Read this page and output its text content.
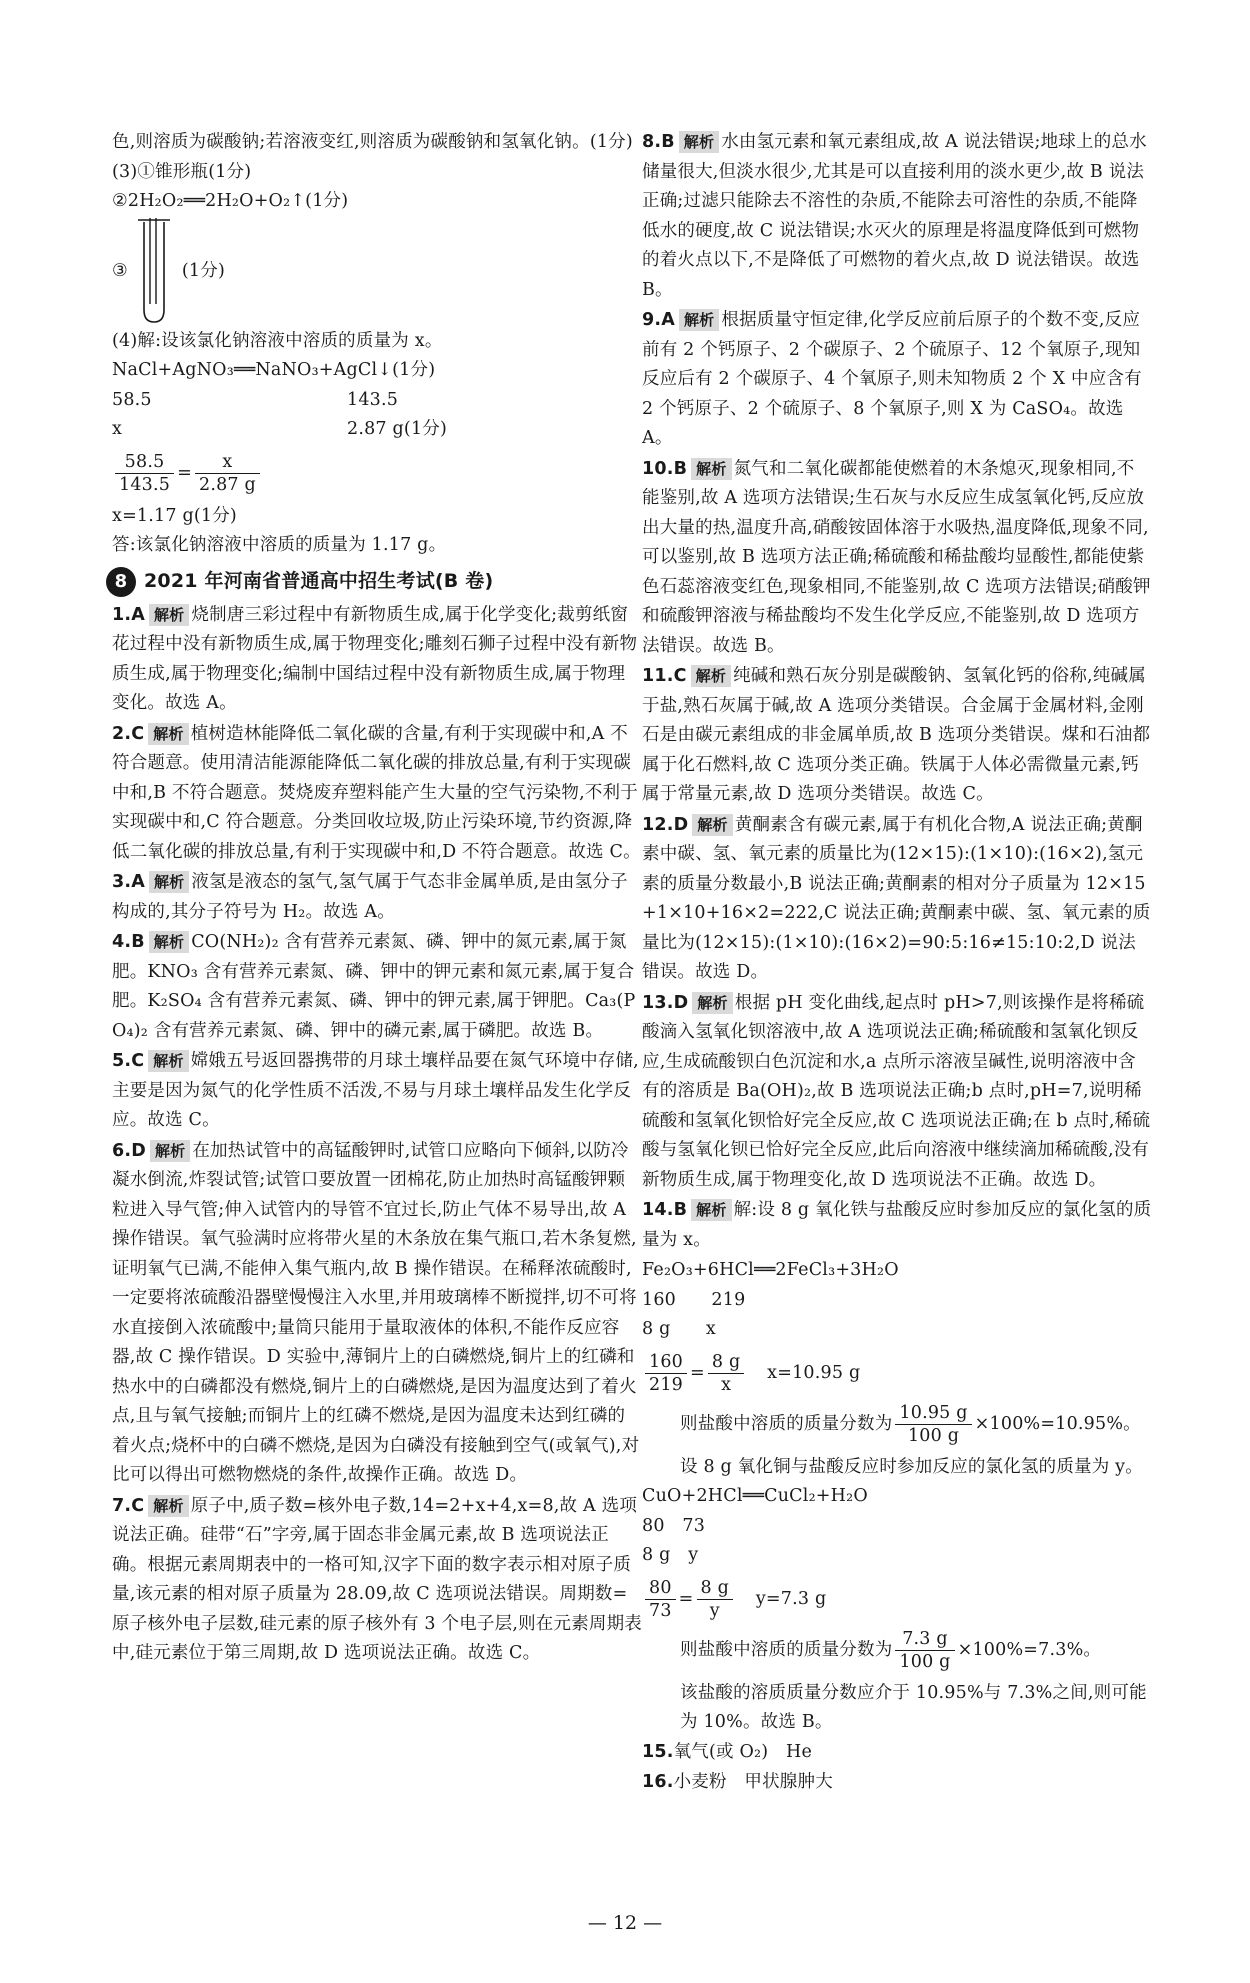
色,则溶质为碳酸钠;若溶液变红,则溶质为碳酸钠和氢氧化钠。(1分)

(3)①锥形瓶(1分)

②2H₂O₂══2H₂O+O₂↑(1分)

③	(1分)

(4)解:设该氯化钠溶液中溶质的质量为 x。

NaCl+AgNO₃══NaNO₃+AgCl↓(1分)

58.5	143.5
x	2.87 g(1分)
$\frac{58.5}{143.5} = \frac{x}{2.87 g}$

x=1.17 g(1分)

答:该氯化钠溶液中溶质的质量为 1.17 g。

8 2021 年河南省普通高中招生考试(B 卷)

1.A 解析 烧制唐三彩过程中有新物质生成,属于化学变化;裁剪纸窗花过程中没有新物质生成,属于物理变化;雕刻石狮子过程中没有新物质生成,属于物理变化;编制中国结过程中没有新物质生成,属于物理变化。故选 A。

2.C 解析 植树造林能降低二氧化碳的含量,有利于实现碳中和,A 不符合题意。使用清洁能源能降低二氧化碳的排放总量,有利于实现碳中和,B 不符合题意。焚烧废弃塑料能产生大量的空气污染物,不利于实现碳中和,C 符合题意。分类回收垃圾,防止污染环境,节约资源,降低二氧化碳的排放总量,有利于实现碳中和,D 不符合题意。故选 C。

3.A 解析 液氢是液态的氢气,氢气属于气态非金属单质,是由氢分子构成的,其分子符号为 H₂。故选 A。

4.B 解析 CO(NH₂)₂ 含有营养元素氮、磷、钾中的氮元素,属于氮肥。KNO₃ 含有营养元素氮、磷、钾中的钾元素和氮元素,属于复合肥。K₂SO₄ 含有营养元素氮、磷、钾中的钾元素,属于钾肥。Ca₃(PO₄)₂ 含有营养元素氮、磷、钾中的磷元素,属于磷肥。故选 B。

5.C 解析 嫦娥五号返回器携带的月球土壤样品要在氮气环境中存储,主要是因为氮气的化学性质不活泼,不易与月球土壤样品发生化学反应。故选 C。

6.D 解析 在加热试管中的高锰酸钾时,试管口应略向下倾斜,以防冷凝水倒流,炸裂试管;试管口要放置一团棉花,防止加热时高锰酸钾颗粒进入导气管;伸入试管内的导管不宜过长,防止气体不易导出,故 A 操作错误。氧气验满时应将带火星的木条放在集气瓶口,若木条复燃,证明氧气已满,不能伸入集气瓶内,故 B 操作错误。在稀释浓硫酸时,一定要将浓硫酸沿器壁慢慢注入水里,并用玻璃棒不断搅拌,切不可将水直接倒入浓硫酸中;量筒只能用于量取液体的体积,不能作反应容器,故 C 操作错误。D 实验中,薄铜片上的白磷燃烧,铜片上的红磷和热水中的白磷都没有燃烧,铜片上的白磷燃烧,是因为温度达到了着火点,且与氧气接触;而铜片上的红磷不燃烧,是因为温度未达到红磷的着火点;烧杯中的白磷不燃烧,是因为白磷没有接触到空气(或氧气),对比可以得出可燃物燃烧的条件,故操作正确。故选 D。

7.C 解析 原子中,质子数=核外电子数,14=2+x+4,x=8,故 A 选项说法正确。硅带“石”字旁,属于固态非金属元素,故 B 选项说法正确。根据元素周期表中的一格可知,汉字下面的数字表示相对原子质量,该元素的相对原子质量为 28.09,故 C 选项说法错误。周期数=原子核外电子层数,硅元素的原子核外有 3 个电子层,则在元素周期表中,硅元素位于第三周期,故 D 选项说法正确。故选 C。

8.B 解析 水由氢元素和氧元素组成,故 A 说法错误;地球上的总水储量很大,但淡水很少,尤其是可以直接利用的淡水更少,故 B 说法正确;过滤只能除去不溶性的杂质,不能除去可溶性的杂质,不能降低水的硬度,故 C 说法错误;水灭火的原理是将温度降低到可燃物的着火点以下,不是降低了可燃物的着火点,故 D 说法错误。故选 B。

9.A 解析 根据质量守恒定律,化学反应前后原子的个数不变,反应前有 2 个钙原子、2 个碳原子、2 个硫原子、12 个氧原子,现知反应后有 2 个碳原子、4 个氧原子,则未知物质 2 个 X 中应含有 2 个钙原子、2 个硫原子、8 个氧原子,则 X 为 CaSO₄。故选 A。

10.B 解析 氮气和二氧化碳都能使燃着的木条熄灭,现象相同,不能鉴别,故 A 选项方法错误;生石灰与水反应生成氢氧化钙,反应放出大量的热,温度升高,硝酸铵固体溶于水吸热,温度降低,现象不同,可以鉴别,故 B 选项方法正确;稀硫酸和稀盐酸均显酸性,都能使紫色石蕊溶液变红色,现象相同,不能鉴别,故 C 选项方法错误;硝酸钾和硫酸钾溶液与稀盐酸均不发生化学反应,不能鉴别,故 D 选项方法错误。故选 B。

11.C 解析 纯碱和熟石灰分别是碳酸钠、氢氧化钙的俗称,纯碱属于盐,熟石灰属于碱,故 A 选项分类错误。合金属于金属材料,金刚石是由碳元素组成的非金属单质,故 B 选项分类错误。煤和石油都属于化石燃料,故 C 选项分类正确。铁属于人体必需微量元素,钙属于常量元素,故 D 选项分类错误。故选 C。

12.D 解析 黄酮素含有碳元素,属于有机化合物,A 说法正确;黄酮素中碳、氢、氧元素的质量比为(12×15):(1×10):(16×2),氢元素的质量分数最小,B 说法正确;黄酮素的相对分子质量为 12×15+1×10+16×2=222,C 说法正确;黄酮素中碳、氢、氧元素的质量比为(12×15):(1×10):(16×2)=90:5:16≠15:10:2,D 说法错误。故选 D。

13.D 解析 根据 pH 变化曲线,起点时 pH>7,则该操作是将稀硫酸滴入氢氧化钡溶液中,故 A 选项说法正确;稀硫酸和氢氧化钡反应,生成硫酸钡白色沉淀和水,a 点所示溶液呈碱性,说明溶液中含有的溶质是 Ba(OH)₂,故 B 选项说法正确;b 点时,pH=7,说明稀硫酸和氢氧化钡恰好完全反应,故 C 选项说法正确;在 b 点时,稀硫酸与氢氧化钡已恰好完全反应,此后向溶液中继续滴加稀硫酸,没有新物质生成,属于物理变化,故 D 选项说法不正确。故选 D。

14.B 解析 解:设 8 g 氧化铁与盐酸反应时参加反应的氯化氢的质量为 x。

Fe₂O₃+6HCl══2FeCl₃+3H₂O

160　　219

8 g　　x

$\frac{160}{219} = \frac{8 g}{x} x=10.95$ g
则盐酸中溶质的质量分数为 $\frac{10.95 g}{100 g} \times 100\%=10.95\%$。

设 8 g 氧化铜与盐酸反应时参加反应的氯化氢的质量为 y。

CuO+2HCl══CuCl₂+H₂O

80　73

8 g　y

$\frac{80}{73} = \frac{8 g}{y} y=7.3$ g
则盐酸中溶质的质量分数为 $\frac{7.3 g}{100 g} \times 100\%=7.3\%$。

该盐酸的溶质质量分数应介于 10.95%与 7.3%之间,则可能为 10%。故选 B。

15.氧气(或 O₂)　He

16.小麦粉　甲状腺肿大

— 12 —
